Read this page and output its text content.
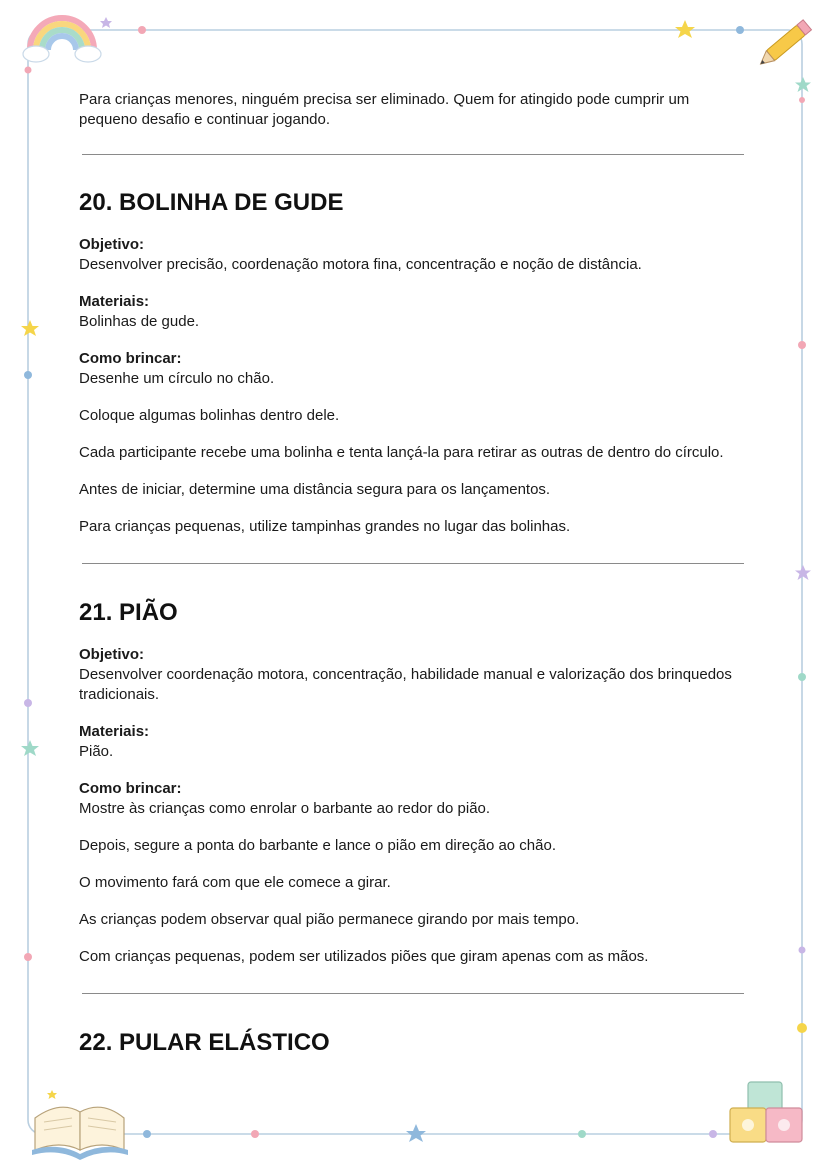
Para crianças menores, ninguém precisa ser eliminado. Quem for atingido pode cumprir um pequeno desafio e continuar jogando.

20. BOLINHA DE GUDE

Objetivo:

Desenvolver precisão, coordenação motora fina, concentração e noção de distância.

Materiais:

Bolinhas de gude.

Como brincar:

Desenhe um círculo no chão.

Coloque algumas bolinhas dentro dele.

Cada participante recebe uma bolinha e tenta lançá-la para retirar as outras de dentro do círculo.

Antes de iniciar, determine uma distância segura para os lançamentos.

Para crianças pequenas, utilize tampinhas grandes no lugar das bolinhas.

21. PIÃO

Objetivo:

Desenvolver coordenação motora, concentração, habilidade manual e valorização dos brinquedos tradicionais.

Materiais:

Pião.

Como brincar:

Mostre às crianças como enrolar o barbante ao redor do pião.

Depois, segure a ponta do barbante e lance o pião em direção ao chão.

O movimento fará com que ele comece a girar.

As crianças podem observar qual pião permanece girando por mais tempo.

Com crianças pequenas, podem ser utilizados piões que giram apenas com as mãos.

22. PULAR ELÁSTICO
